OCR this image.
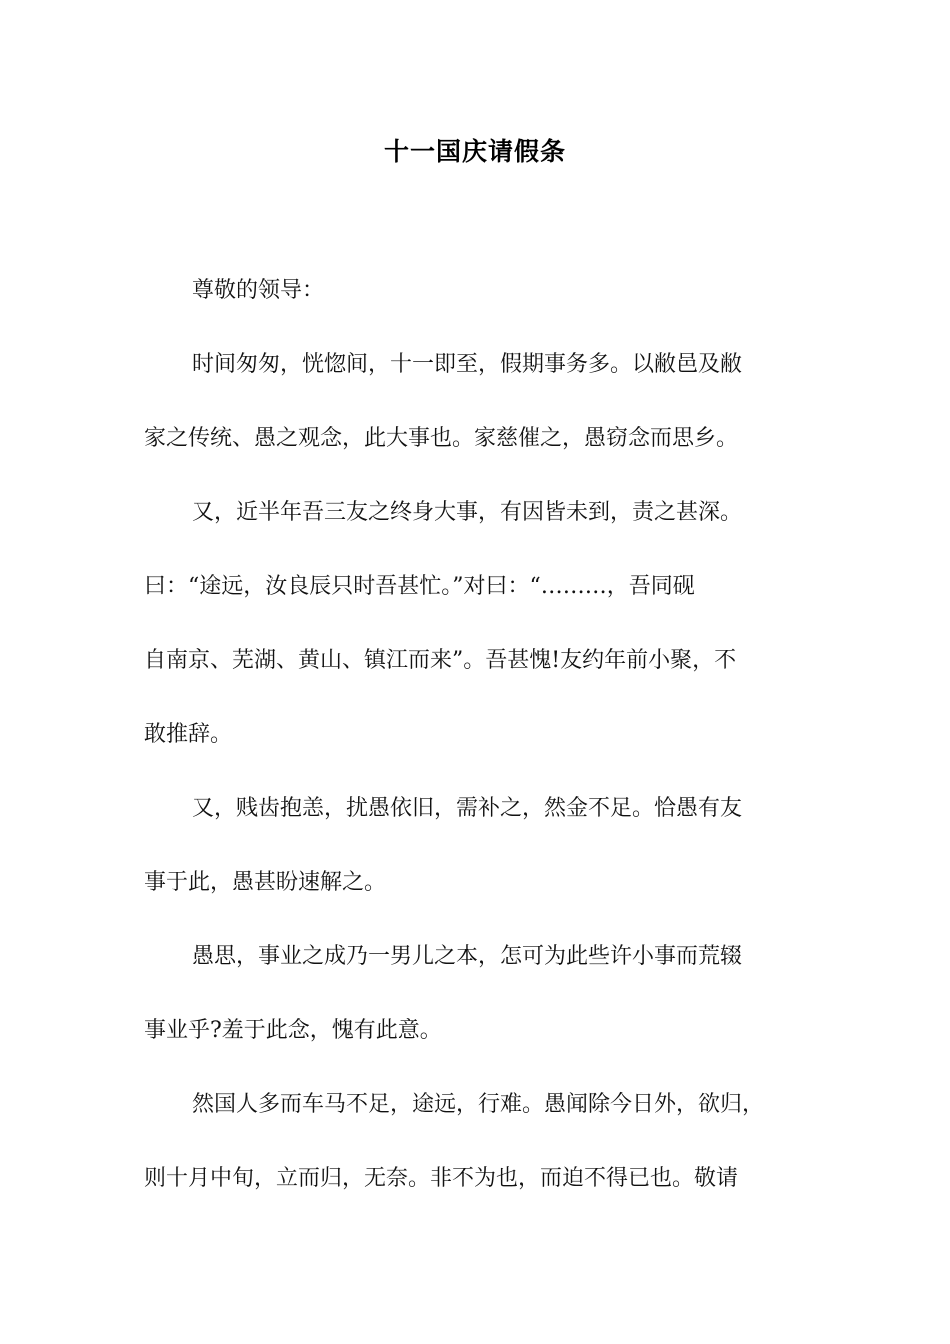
十一国庆请假条
尊敬的领导：
时间匆匆，恍惚间，十一即至，假期事务多。以敝邑及敝
家之传统、愚之观念，此大事也。家慈催之，愚窃念而思乡。
又，近半年吾三友之终身大事，有因皆未到，责之甚深。
曰：“途远，汝良辰只时吾甚忙。”对曰：“………，吾同砚
自南京、芜湖、黄山、镇江而来”。吾甚愧!友约年前小聚，不
敢推辞。
又，贱齿抱恙，扰愚依旧，需补之，然金不足。恰愚有友
事于此，愚甚盼速解之。
愚思，事业之成乃一男儿之本，怎可为此些许小事而荒辍
事业乎?羞于此念，愧有此意。
然国人多而车马不足，途远，行难。愚闻除今日外，欲归，
则十月中旬，立而归，无奈。非不为也，而迫不得已也。敬请
